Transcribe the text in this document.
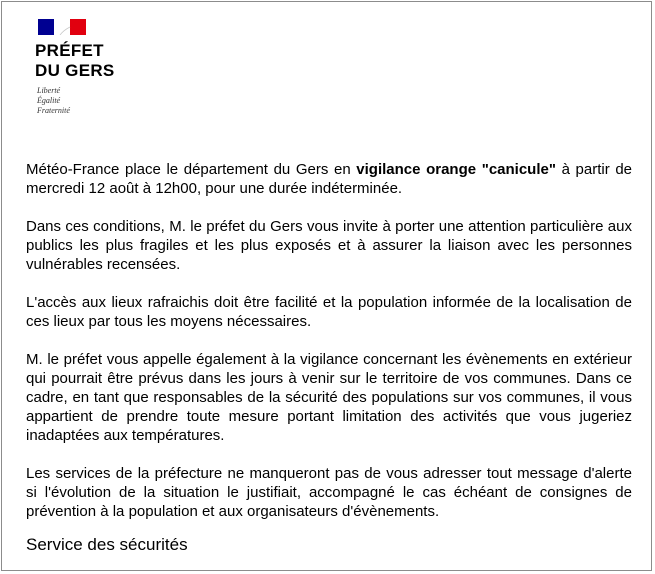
PRÉFET
DU GERS
Liberté
Égalité
Fraternité

Météo-France place le département du Gers en vigilance orange "canicule" à partir de mercredi 12 août à 12h00, pour une durée indéterminée.

Dans ces conditions, M. le préfet du Gers vous invite à porter une attention particulière aux publics les plus fragiles et les plus exposés et à assurer la liaison avec les personnes vulnérables recensées.

L'accès aux lieux rafraichis doit être facilité et la population informée de la localisation de ces lieux par tous les moyens nécessaires.

M. le préfet vous appelle également à la vigilance concernant les évènements en extérieur qui pourrait être prévus dans les jours à venir sur le territoire de vos communes. Dans ce cadre, en tant que responsables de la sécurité des populations sur vos communes, il vous appartient de prendre toute mesure portant limitation des activités que vous jugeriez inadaptées aux températures.

Les services de la préfecture ne manqueront pas de vous adresser tout message d'alerte si l'évolution de la situation le justifiait, accompagné le cas échéant de consignes de prévention à la population et aux organisateurs d'évènements.

Service des sécurités
